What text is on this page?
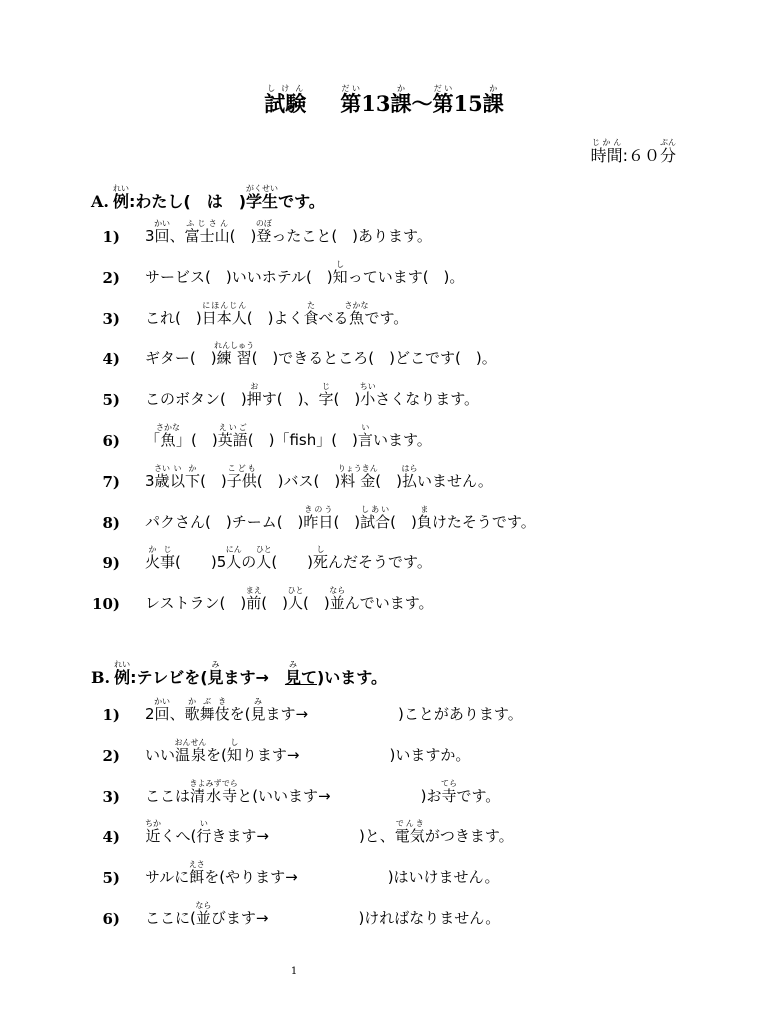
試験しけん第だい13課か〜第だい15課か
時間じかん:６０分ぷん
A. 例れい:わたし( は )学生がくせいです。
1) 3回かい、富士山ふじさん(　)登のぼったこと(　)あります。
2) サービス(　)いいホテル(　)知しっています(　)。
3) これ(　)日本人にほんじん(　)よく食たべる魚さかなです。
4) ギター(　)練習れんしゅう(　)できるところ(　)どこです(　)。
5) このボタン(　)押おす(　)、字じ(　)小ちいさくなります。
6) 「魚さかな」(　)英語えいご(　)「fish」(　)言いいます。
7) 3歳さい以下いか(　)子供こども(　)バス(　)料金りょうきん(　)払はらいません。
8) パクさん(　)チーム(　)昨日きのう(　)試合しあい(　)負まけたそうです。
9) 火事かじ(　　)5人にんの人ひと(　　)死しんだそうです。
10) レストラン(　)前まえ(　)人ひと(　)並ならんでいます。
B. 例れい:テレビを(見みます→　見みて)います。
1) 2回かい、歌舞伎かぶきを(見みます→　　　　　　)ことがあります。
2) いい温泉おんせんを(知しります→　　　　　　)いますか。
3) ここは清水寺きよみずでらと(いいます→　　　　　　)お寺てらです。
4) 近ちかくへ(行いきます→　　　　　　)と、電気でんきがつきます。
5) サルに餌えさを(やります→　　　　　　)はいけません。
6) ここに(並ならびます→　　　　　　)ければなりません。
1
